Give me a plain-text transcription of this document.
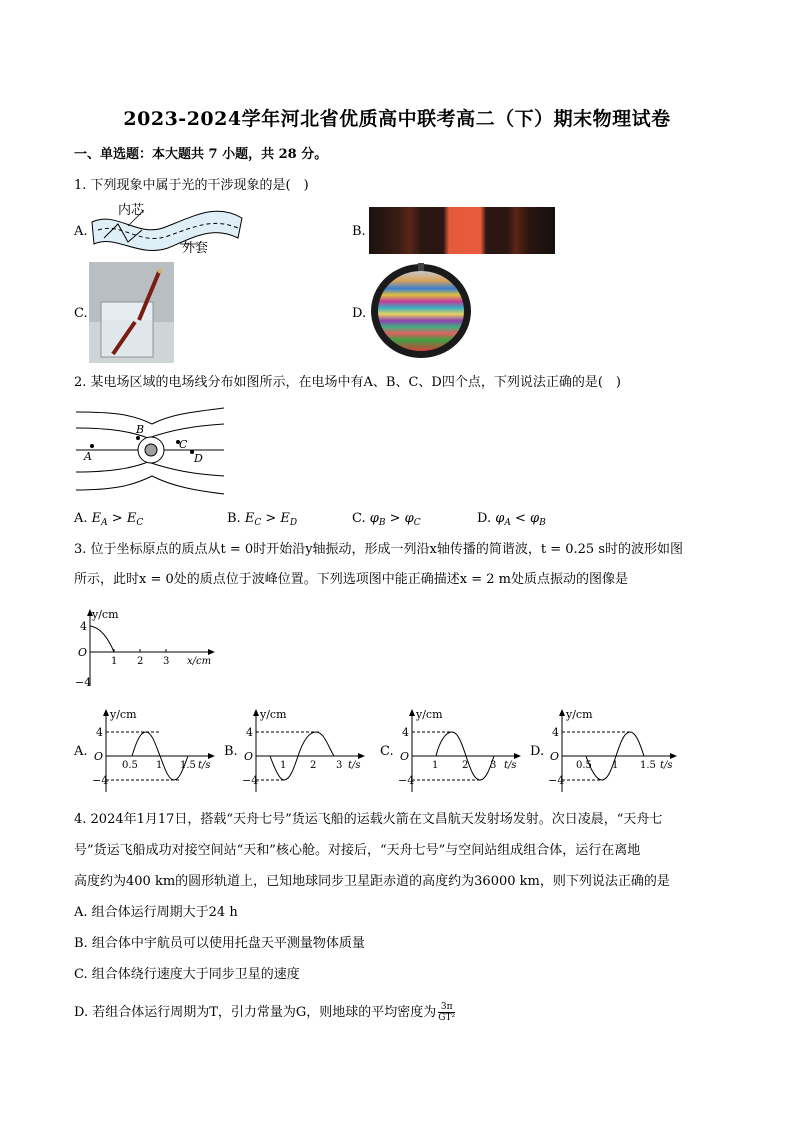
2023-2024学年河北省优质高中联考高二（下）期末物理试卷
一、单选题：本大题共 7 小题，共 28 分。
1. 下列现象中属于光的干涉现象的是(　)
A.
内芯
外套
B.
C.	D.
2. 某电场区域的电场线分布如图所示，在电场中有A、B、C、D四个点，下列说法正确的是(　)
A
B
C
D
A. $E_A > E_C$	B. $E_C > E_D$	C. $\varphi_B > \varphi_C$	D. $\varphi_A < \varphi_B$
3. 位于坐标原点的质点从t = 0时开始沿y轴振动，形成一列沿x轴传播的简谐波，t = 0.25 s时的波形如图
所示，此时x = 0处的质点位于波峰位置。下列选项图中能正确描述x = 2 m处质点振动的图像是
y/cm
4
O
−4
1 2 3 x/cm
A.
y/cm
4
O
−4
0.5 1 1.5 t/s
B.
y/cm
4
O
−4
1 2 3 t/s
C.
y/cm
4
O
−4
1 2 3 t/s
D.
y/cm
4
O
−4
0.5 1 1.5 t/s
4. 2024年1月17日，搭载“天舟七号”货运飞船的运载火箭在文昌航天发射场发射。次日凌晨，“天舟七
号”货运飞船成功对接空间站“天和”核心舱。对接后，“天舟七号”与空间站组成组合体，运行在离地
高度约为400 km的圆形轨道上，已知地球同步卫星距赤道的高度约为36000 km，则下列说法正确的是
A. 组合体运行周期大于24 h
B. 组合体中宇航员可以使用托盘天平测量物体质量
C. 组合体绕行速度大于同步卫星的速度
D. 若组合体运行周期为T，引力常量为G，则地球的平均密度为 $\frac{3\pi}{\text{GT²}}$
